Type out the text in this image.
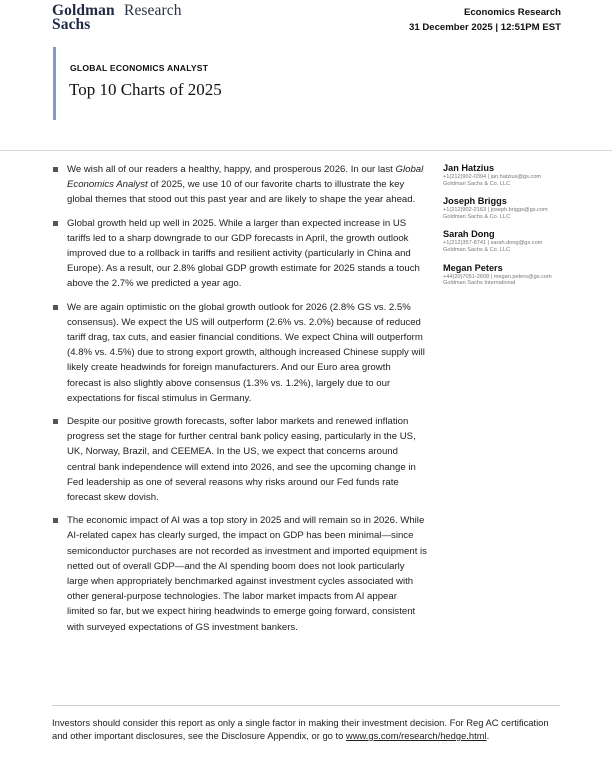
Goldman
Sachs
Research	Economics Research
31 December 2025 | 12:51PM EST
GLOBAL ECONOMICS ANALYST
Top 10 Charts of 2025

We wish all of our readers a healthy, happy, and prosperous 2026. In our last Global Economics Analyst of 2025, we use 10 of our favorite charts to illustrate the key global themes that stood out this past year and are likely to shape the year ahead.

Global growth held up well in 2025. While a larger than expected increase in US tariffs led to a sharp downgrade to our GDP forecasts in April, the growth outlook improved due to a rollback in tariffs and resilient activity (particularly in China and Europe). As a result, our 2.8% global GDP growth estimate for 2025 stands a touch above the 2.7% we predicted a year ago.

We are again optimistic on the global growth outlook for 2026 (2.8% GS vs. 2.5% consensus). We expect the US will outperform (2.6% vs. 2.0%) because of reduced tariff drag, tax cuts, and easier financial conditions. We expect China will outperform (4.8% vs. 4.5%) due to strong export growth, although increased Chinese supply will likely create headwinds for foreign manufacturers. And our Euro area growth forecast is also slightly above consensus (1.3% vs. 1.2%), largely due to our expectations for fiscal stimulus in Germany.

Despite our positive growth forecasts, softer labor markets and renewed inflation progress set the stage for further central bank policy easing, particularly in the US, UK, Norway, Brazil, and CEEMEA. In the US, we expect that concerns around central bank independence will extend into 2026, and see the upcoming change in Fed leadership as one of several reasons why risks around our Fed funds rate forecast skew dovish.

The economic impact of AI was a top story in 2025 and will remain so in 2026. While AI-related capex has clearly surged, the impact on GDP has been minimal—since semiconductor purchases are not recorded as investment and imported equipment is netted out of overall GDP—and the AI spending boom does not look particularly large when appropriately benchmarked against investment cycles associated with other general-purpose technologies. The labor market impacts from AI appear limited so far, but we expect hiring headwinds to emerge going forward, consistent with surveyed expectations of GS investment bankers.

Jan Hatzius
+1(212)902-0394 | jan.hatzius@gs.com
Goldman Sachs & Co. LLC
Joseph Briggs
+1(212)902-2163 | joseph.briggs@gs.com
Goldman Sachs & Co. LLC
Sarah Dong
+1(212)357-8741 | sarah.dong@gs.com
Goldman Sachs & Co. LLC
Megan Peters
+44(20)7051-2608 | megan.peters@gs.com
Goldman Sachs International
Investors should consider this report as only a single factor in making their investment decision. For Reg AC certification and other important disclosures, see the Disclosure Appendix, or go to www.gs.com/research/hedge.html.
